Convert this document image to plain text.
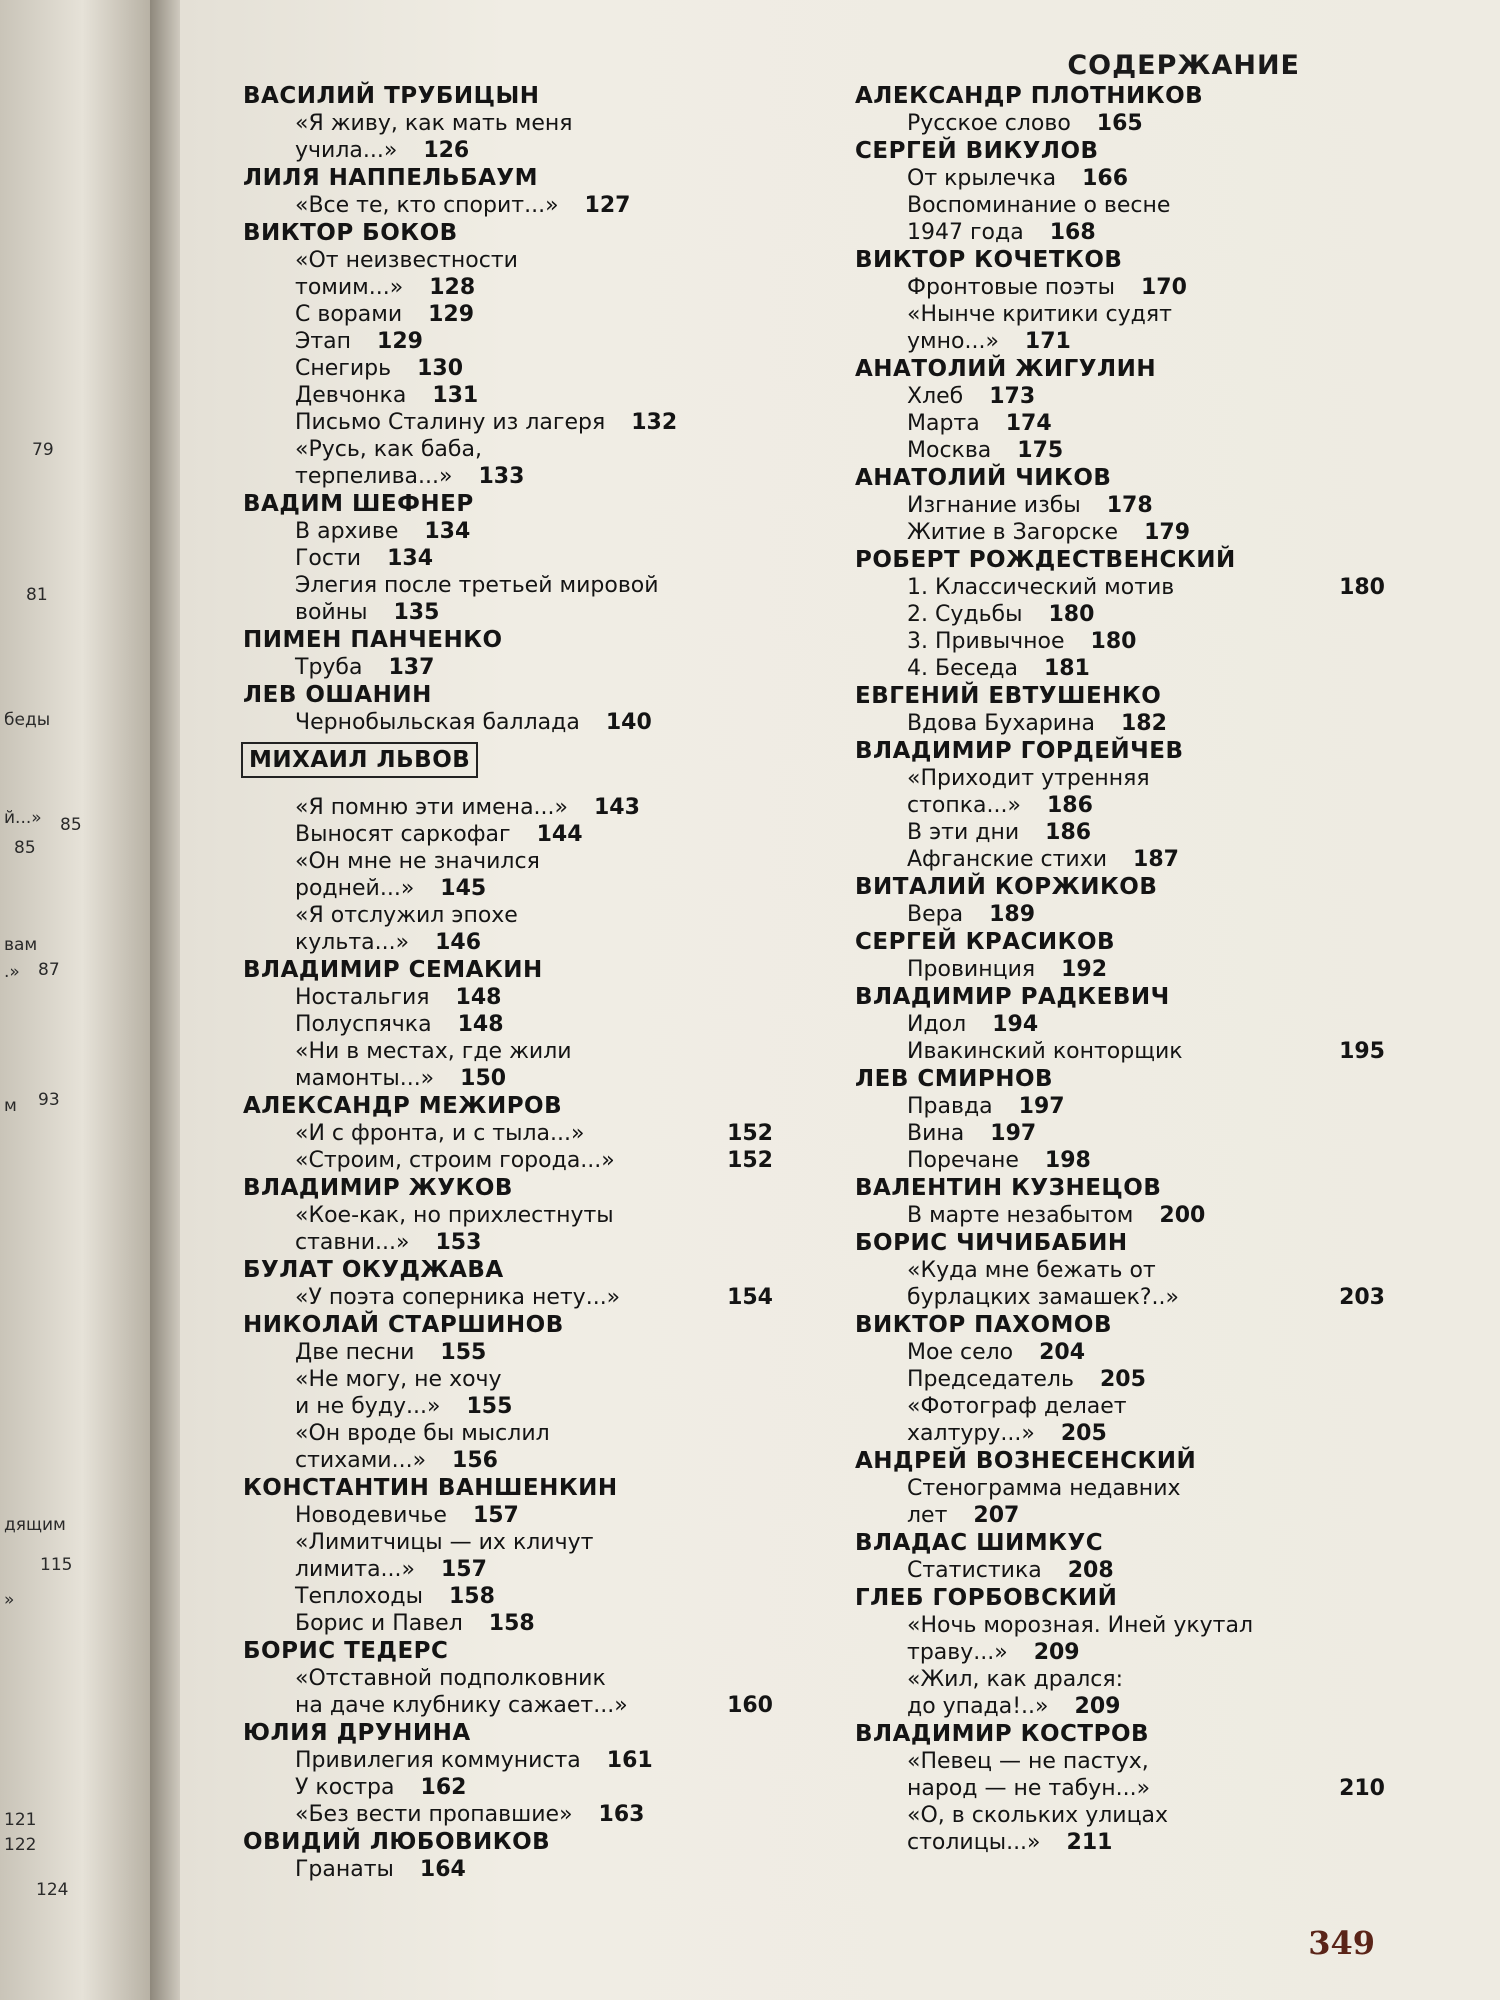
79
81
беды
й...» 85
85
вам
.» 87
м 93
дящим
115
»
121
122
124
СОДЕРЖАНИЕ
ВАСИЛИЙ ТРУБИЦЫН
«Я живу, как мать меня
учила...» 126
ЛИЛЯ НАППЕЛЬБАУМ
«Все те, кто спорит...» 127
ВИКТОР БОКОВ
«От неизвестности
томим...» 128
С ворами 129
Этап 129
Снегирь 130
Девчонка 131
Письмо Сталину из лагеря 132
«Русь, как баба,
терпелива...» 133
ВАДИМ ШЕФНЕР
В архиве 134
Гости 134
Элегия после третьей мировой
войны 135
ПИМЕН ПАНЧЕНКО
Труба 137
ЛЕВ ОШАНИН
Чернобыльская баллада 140
МИХАИЛ ЛЬВОВ
«Я помню эти имена...» 143
Выносят саркофаг 144
«Он мне не значился
родней...» 145
«Я отслужил эпохе
культа...» 146
ВЛАДИМИР СЕМАКИН
Ностальгия 148
Полуспячка 148
«Ни в местах, где жили
мамонты...» 150
АЛЕКСАНДР МЕЖИРОВ
«И с фронта, и с тыла...»	152
«Строим, строим города...»	152
ВЛАДИМИР ЖУКОВ
«Кое-как, но прихлестнуты
ставни...» 153
БУЛАТ ОКУДЖАВА
«У поэта соперника нету...»	154
НИКОЛАЙ СТАРШИНОВ
Две песни 155
«Не могу, не хочу
и не буду...» 155
«Он вроде бы мыслил
стихами...» 156
КОНСТАНТИН ВАНШЕНКИН
Новодевичье 157
«Лимитчицы — их кличут
лимита...» 157
Теплоходы 158
Борис и Павел 158
БОРИС ТЕДЕРС
«Отставной подполковник
на даче клубнику сажает...»	160
ЮЛИЯ ДРУНИНА
Привилегия коммуниста 161
У костра 162
«Без вести пропавшие» 163
ОВИДИЙ ЛЮБОВИКОВ
Гранаты 164
АЛЕКСАНДР ПЛОТНИКОВ
Русское слово 165
СЕРГЕЙ ВИКУЛОВ
От крылечка 166
Воспоминание о весне
1947 года 168
ВИКТОР КОЧЕТКОВ
Фронтовые поэты 170
«Нынче критики судят
умно...» 171
АНАТОЛИЙ ЖИГУЛИН
Хлеб 173
Марта 174
Москва 175
АНАТОЛИЙ ЧИКОВ
Изгнание избы 178
Житие в Загорске 179
РОБЕРТ РОЖДЕСТВЕНСКИЙ
1. Классический мотив	180
2. Судьбы 180
3. Привычное 180
4. Беседа 181
ЕВГЕНИЙ ЕВТУШЕНКО
Вдова Бухарина 182
ВЛАДИМИР ГОРДЕЙЧЕВ
«Приходит утренняя
стопка...» 186
В эти дни 186
Афганские стихи 187
ВИТАЛИЙ КОРЖИКОВ
Вера 189
СЕРГЕЙ КРАСИКОВ
Провинция 192
ВЛАДИМИР РАДКЕВИЧ
Идол 194
Ивакинский конторщик	195
ЛЕВ СМИРНОВ
Правда 197
Вина 197
Поречане 198
ВАЛЕНТИН КУЗНЕЦОВ
В марте незабытом 200
БОРИС ЧИЧИБАБИН
«Куда мне бежать от
бурлацких замашек?..»	203
ВИКТОР ПАХОМОВ
Мое село 204
Председатель 205
«Фотограф делает
халтуру...» 205
АНДРЕЙ ВОЗНЕСЕНСКИЙ
Стенограмма недавних
лет 207
ВЛАДАС ШИМКУС
Статистика 208
ГЛЕБ ГОРБОВСКИЙ
«Ночь морозная. Иней укутал
траву...» 209
«Жил, как дрался:
до упада!..» 209
ВЛАДИМИР КОСТРОВ
«Певец — не пастух,
народ — не табун...»	210
«О, в скольких улицах
столицы...» 211
349
